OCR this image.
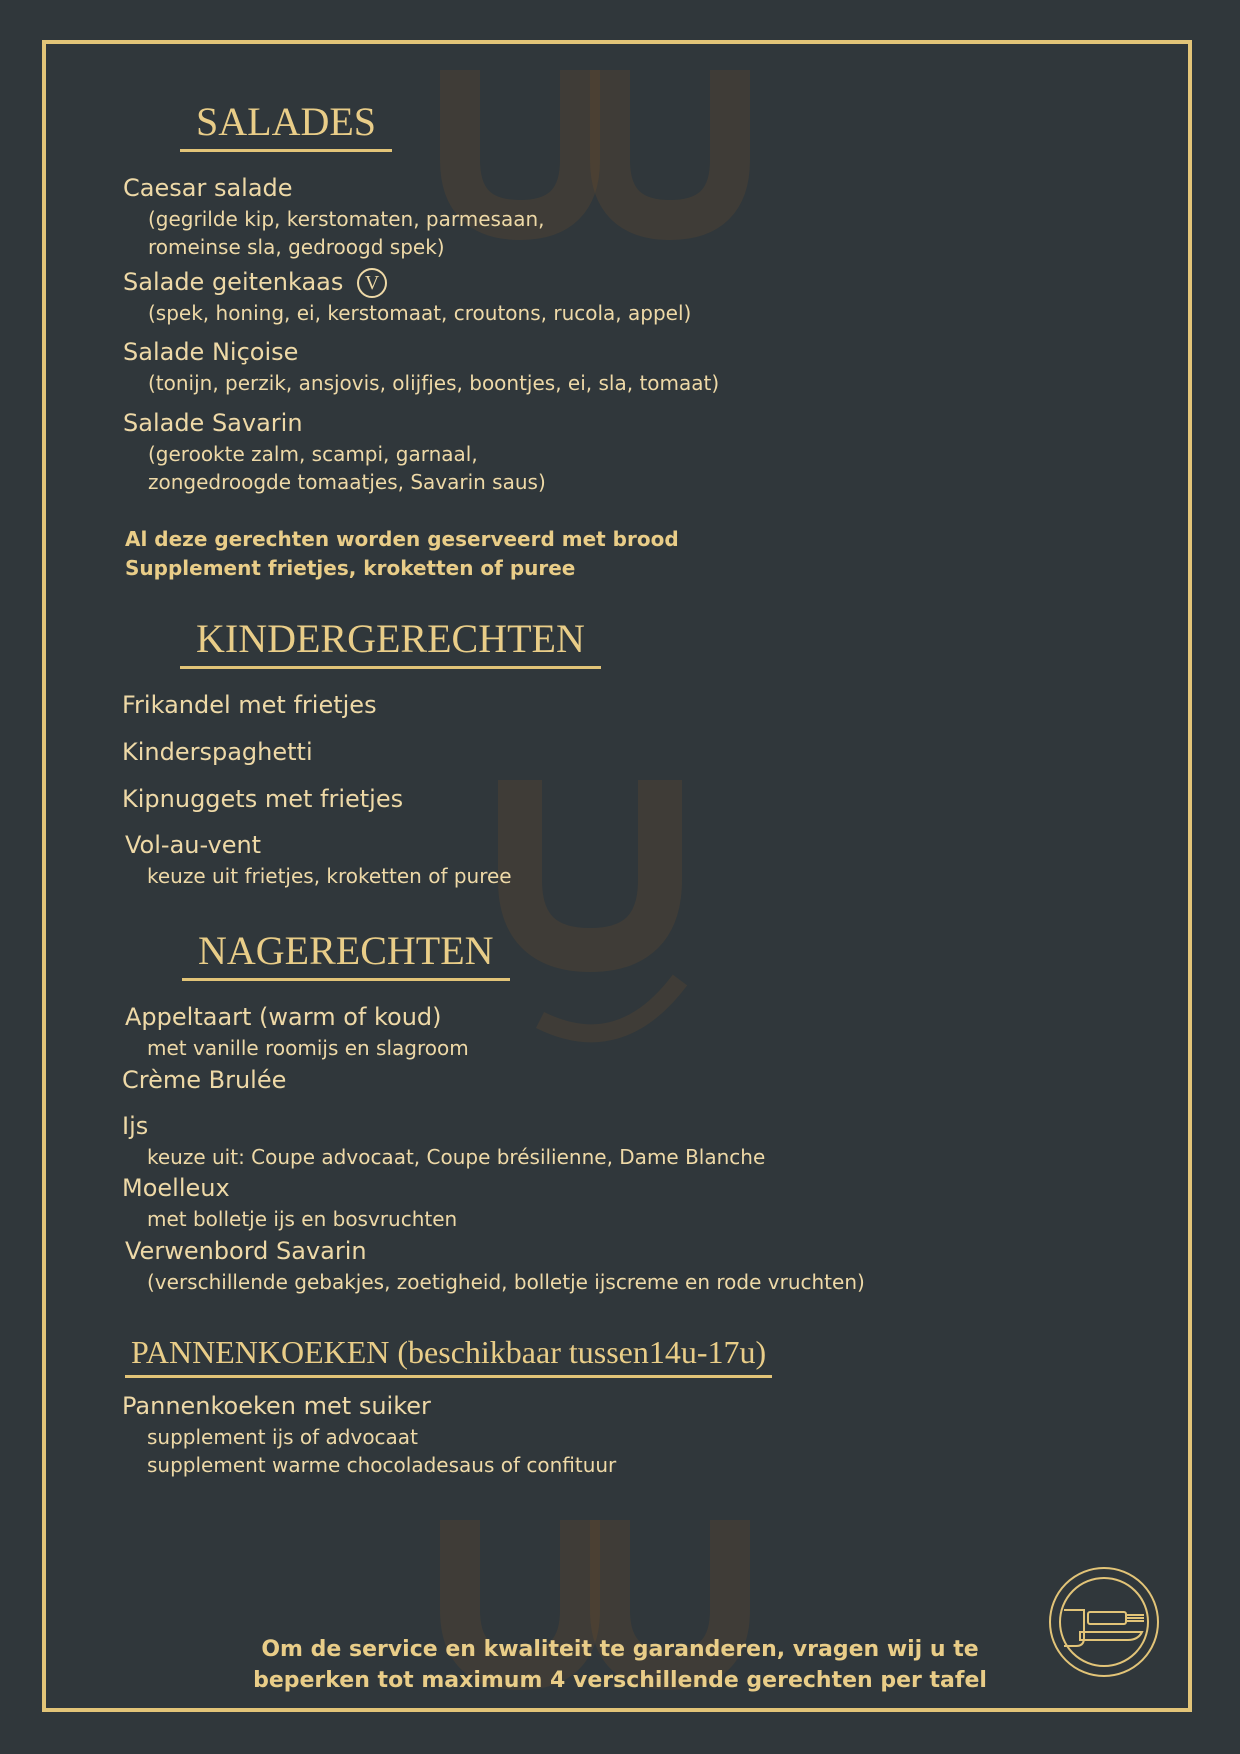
SALADES
Caesar salade
(gegrilde kip, kerstomaten, parmesaan,
romeinse sla, gedroogd spek)
Salade geitenkaas V
(spek, honing, ei, kerstomaat, croutons, rucola, appel)
Salade Niçoise
(tonijn, perzik, ansjovis, olijfjes, boontjes, ei, sla, tomaat)
Salade Savarin
(gerookte zalm, scampi, garnaal,
zongedroogde tomaatjes, Savarin saus)
Al deze gerechten worden geserveerd met brood
Supplement frietjes, kroketten of puree
KINDERGERECHTEN
Frikandel met frietjes
Kinderspaghetti
Kipnuggets met frietjes
Vol-au-vent
keuze uit frietjes, kroketten of puree
NAGERECHTEN
Appeltaart (warm of koud)
met vanille roomijs en slagroom
Crème Brulée
Ijs
keuze uit: Coupe advocaat, Coupe brésilienne, Dame Blanche
Moelleux
met bolletje ijs en bosvruchten
Verwenbord Savarin
(verschillende gebakjes, zoetigheid, bolletje ijscreme en rode vruchten)
PANNENKOEKEN (beschikbaar tussen14u-17u)
Pannenkoeken met suiker
supplement ijs of advocaat
supplement warme chocoladesaus of confituur
Om de service en kwaliteit te garanderen, vragen wij u te
beperken tot maximum 4 verschillende gerechten per tafel
